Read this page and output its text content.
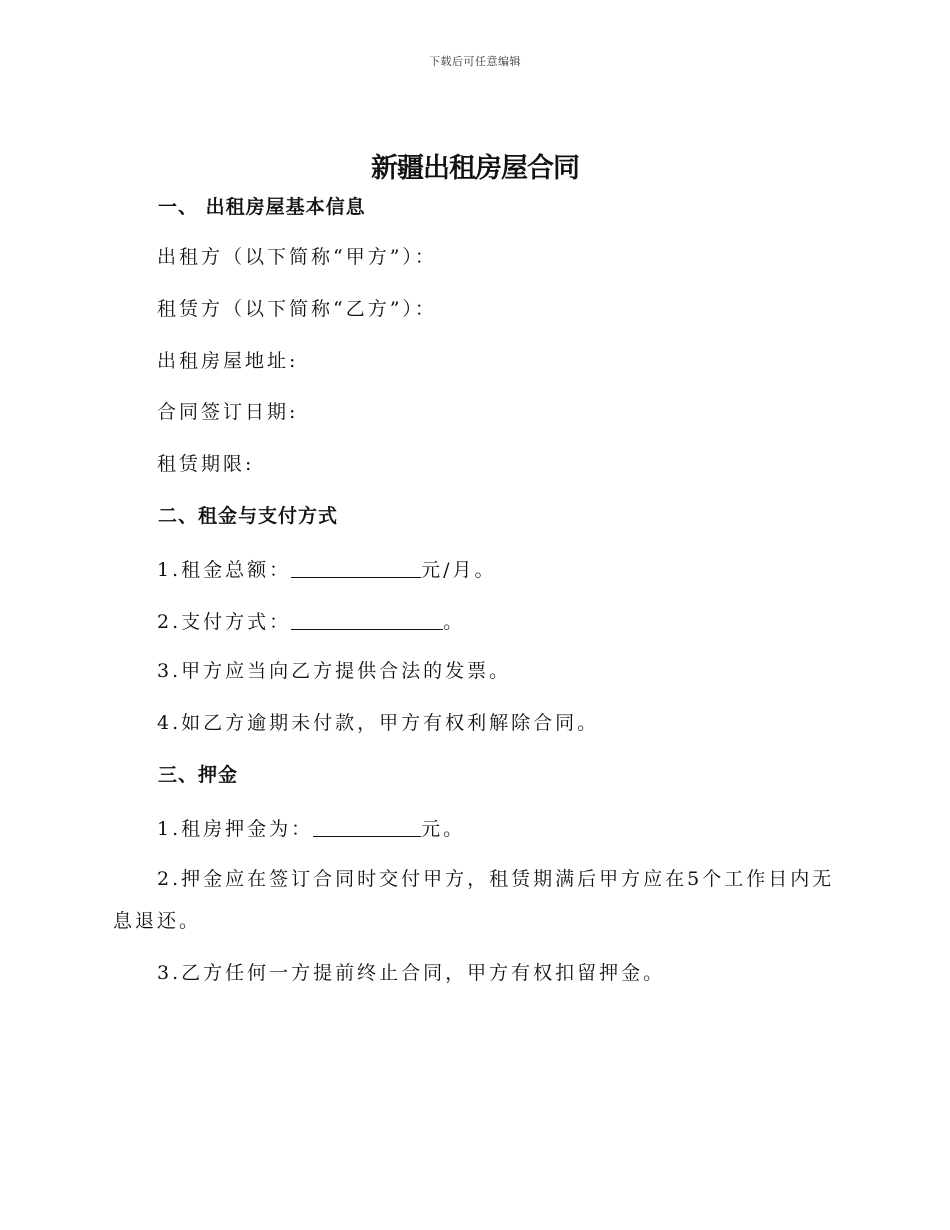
下载后可任意编辑
新疆出租房屋合同
一、 出租房屋基本信息
出租方（以下简称“甲方”）：
租赁方（以下简称“乙方”）：
出租房屋地址:
合同签订日期:
租赁期限:
二、租金与支付方式
1.租金总额：	元/月。
2.支付方式：	。
3.甲方应当向乙方提供合法的发票。
4.如乙方逾期未付款，甲方有权利解除合同。
三、押金
1.租房押金为：	元。
2.押金应在签订合同时交付甲方，租赁期满后甲方应在5个工作日内无
息退还。
3.乙方任何一方提前终止合同，甲方有权扣留押金。
